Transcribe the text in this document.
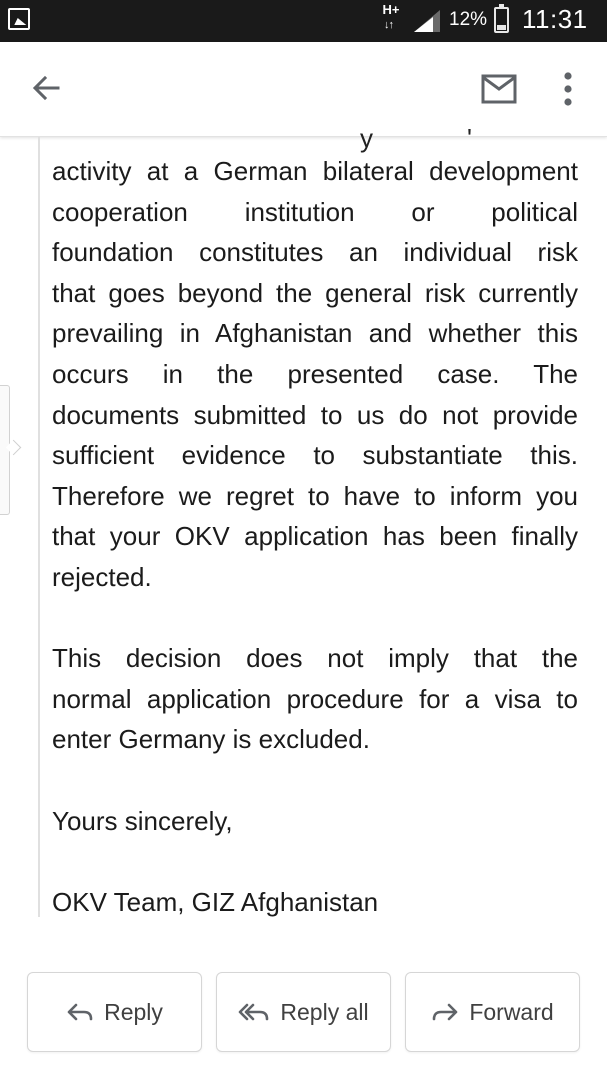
H+
↓↑	12% ⚡ 11:31
y	'

activity at a German bilateral development
cooperation institution or political
foundation constitutes an individual risk
that goes beyond the general risk currently
prevailing in Afghanistan and whether this
occurs in the presented case. The
documents submitted to us do not provide
sufficient evidence to substantiate this.
Therefore we regret to have to inform you
that your OKV application has been finally
rejected.

This decision does not imply that the
normal application procedure for a visa to
enter Germany is excluded.

Yours sincerely,

OKV Team, GIZ Afghanistan

Reply	Reply all	Forward
